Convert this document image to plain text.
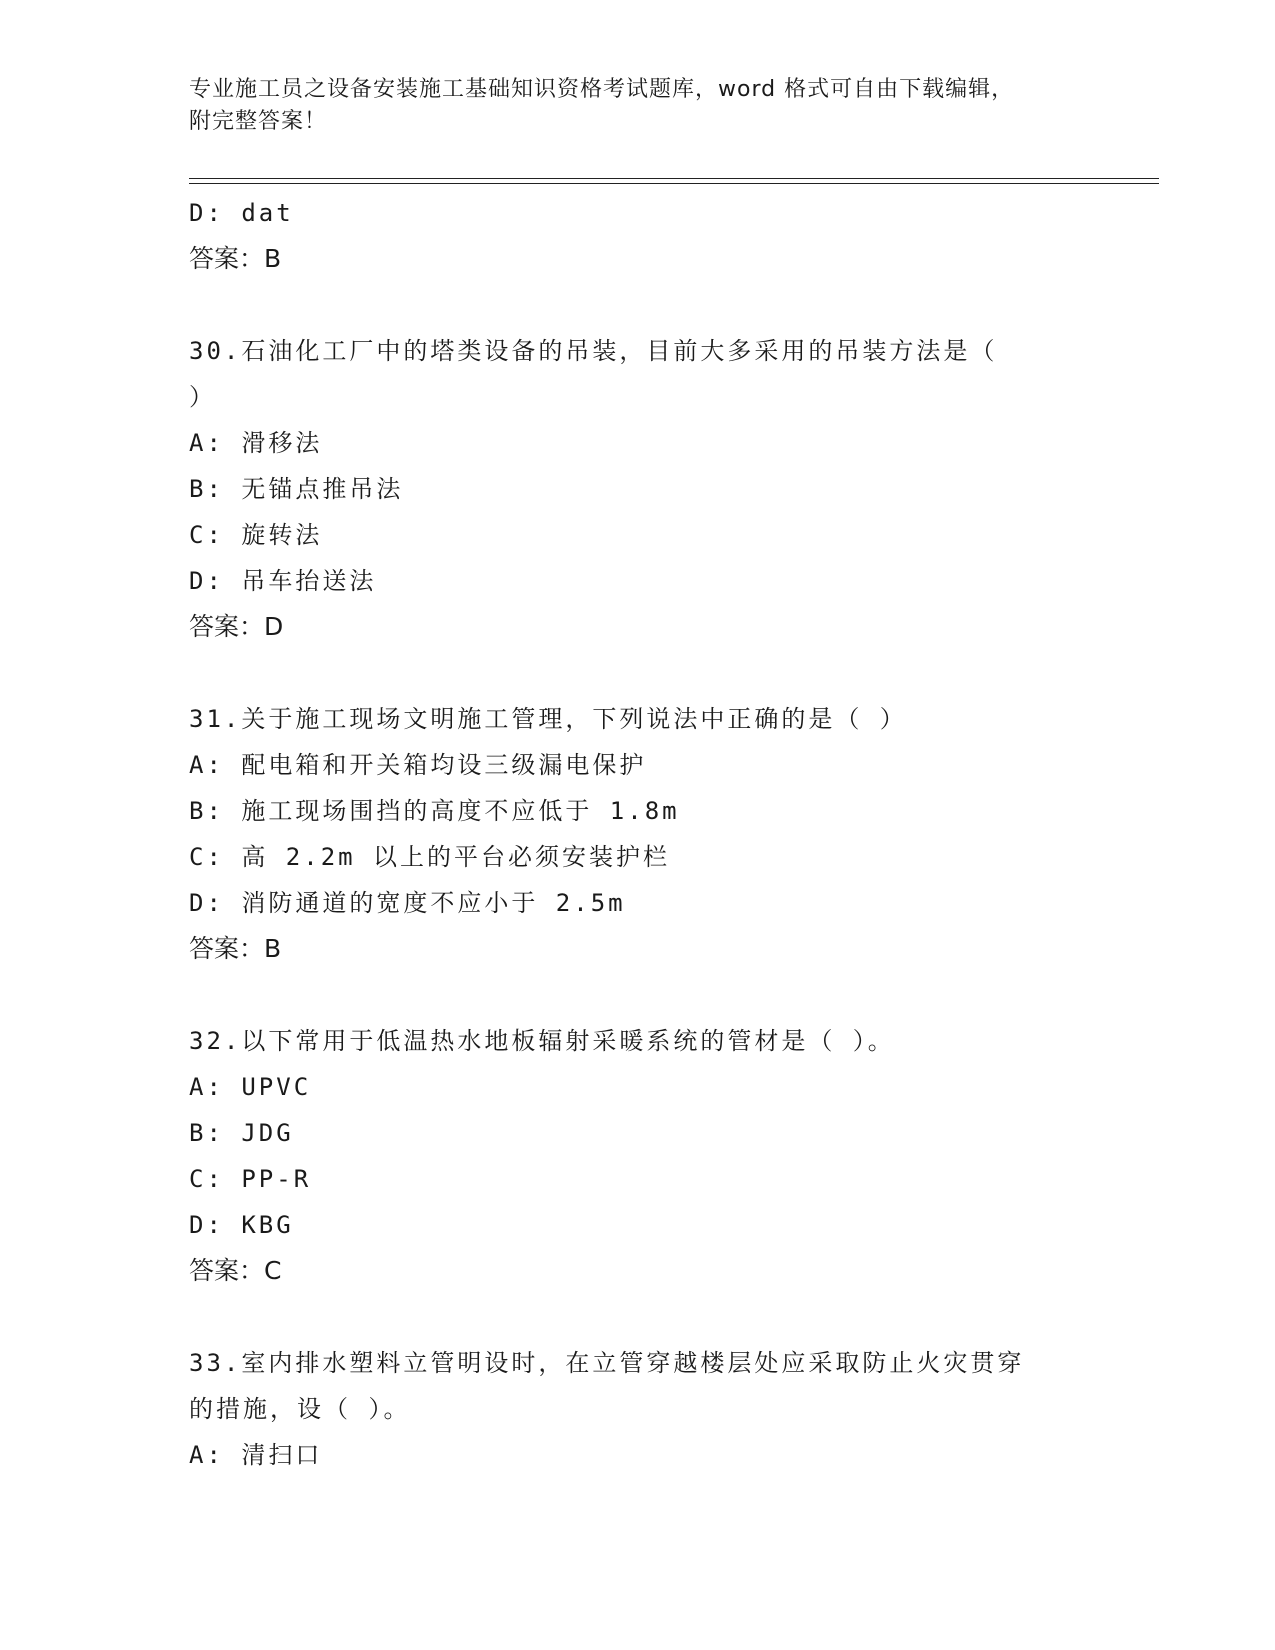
专业施工员之设备安装施工基础知识资格考试题库，word 格式可自由下载编辑，
附完整答案！
D: dat
答案：B
30.石油化工厂中的塔类设备的吊装，目前大多采用的吊装方法是（
）
A: 滑移法
B: 无锚点推吊法
C: 旋转法
D: 吊车抬送法
答案：D
31.关于施工现场文明施工管理，下列说法中正确的是（ ）
A: 配电箱和开关箱均设三级漏电保护
B: 施工现场围挡的高度不应低于 1.8m
C: 高 2.2m 以上的平台必须安装护栏
D: 消防通道的宽度不应小于 2.5m
答案：B
32.以下常用于低温热水地板辐射采暖系统的管材是（ ）。
A: UPVC
B: JDG
C: PP-R
D: KBG
答案：C
33.室内排水塑料立管明设时，在立管穿越楼层处应采取防止火灾贯穿
的措施，设（ ）。
A: 清扫口
